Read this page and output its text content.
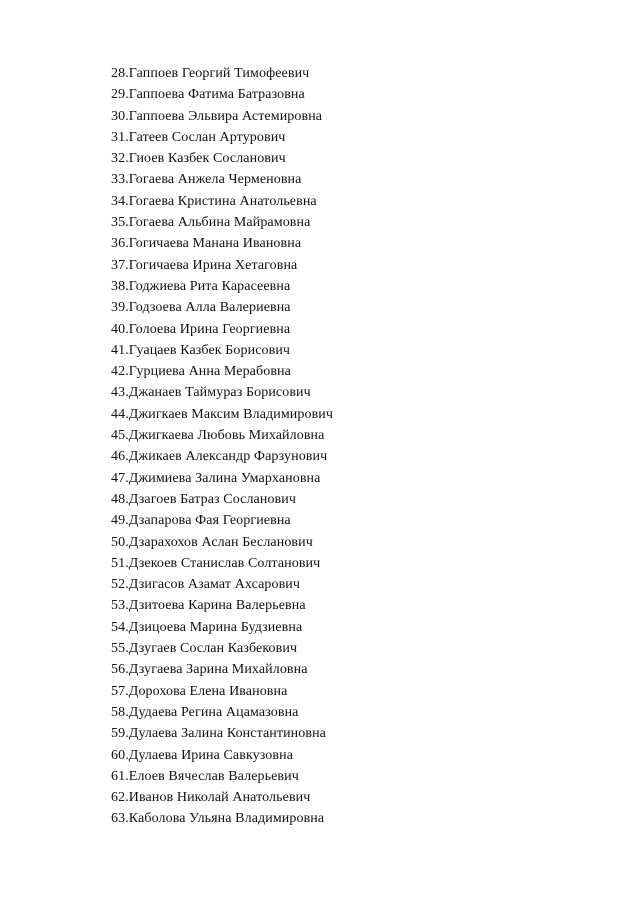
28.Гаппоев Георгий Тимофеевич
29.Гаппоева Фатима Батразовна
30.Гаппоева Эльвира Астемировна
31.Гатеев Сослан Артурович
32.Гиоев Казбек Сосланович
33.Гогаева Анжела Черменовна
34.Гогаева Кристина Анатольевна
35.Гогаева Альбина Майрамовна
36.Гогичаева Манана Ивановна
37.Гогичаева Ирина Хетаговна
38.Годжиева Рита Карасеевна
39.Годзоева Алла Валериевна
40.Голоева Ирина Георгиевна
41.Гуацаев Казбек Борисович
42.Гурциева Анна Мерабовна
43.Джанаев Таймураз Борисович
44.Джигкаев Максим Владимирович
45.Джигкаева Любовь Михайловна
46.Джикаев Александр Фарзунович
47.Джимиева Залина Умархановна
48.Дзагоев Батраз Сосланович
49.Дзапарова Фая Георгиевна
50.Дзарахохов Аслан Бесланович
51.Дзекоев Станислав Солтанович
52.Дзигасов Азамат Ахсарович
53.Дзитоева Карина Валерьевна
54.Дзицоева Марина Будзиевна
55.Дзугаев Сослан Казбекович
56.Дзугаева Зарина Михайловна
57.Дорохова Елена Ивановна
58.Дудаева Регина Ацамазовна
59.Дулаева Залина Константиновна
60.Дулаева Ирина Савкузовна
61.Елоев Вячеслав Валерьевич
62.Иванов Николай Анатольевич
63.Каболова Ульяна Владимировна
